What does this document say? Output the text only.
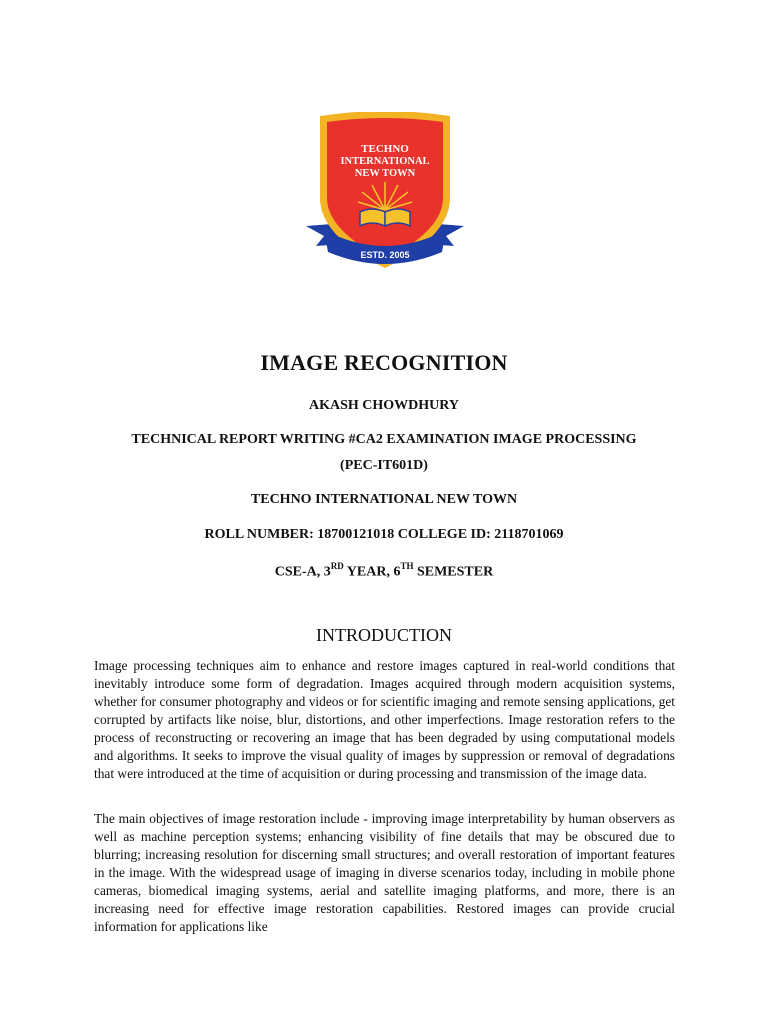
TECHNO
INTERNATIONAL
NEW TOWN
ESTD. 2005
IMAGE RECOGNITION
AKASH CHOWDHURY
TECHNICAL REPORT WRITING #CA2 EXAMINATION IMAGE PROCESSING
(PEC-IT601D)
TECHNO INTERNATIONAL NEW TOWN
ROLL NUMBER: 18700121018 COLLEGE ID: 2118701069
CSE-A, 3RD YEAR, 6TH SEMESTER
INTRODUCTION

Image processing techniques aim to enhance and restore images captured in real-world conditions that inevitably introduce some form of degradation. Images acquired through modern acquisition systems, whether for consumer photography and videos or for scientific imaging and remote sensing applications, get corrupted by artifacts like noise, blur, distortions, and other imperfections. Image restoration refers to the process of reconstructing or recovering an image that has been degraded by using computational models and algorithms. It seeks to improve the visual quality of images by suppression or removal of degradations that were introduced at the time of acquisition or during processing and transmission of the image data.

The main objectives of image restoration include - improving image interpretability by human observers as well as machine perception systems; enhancing visibility of fine details that may be obscured due to blurring; increasing resolution for discerning small structures; and overall restoration of important features in the image. With the widespread usage of imaging in diverse scenarios today, including in mobile phone cameras, biomedical imaging systems, aerial and satellite imaging platforms, and more, there is an increasing need for effective image restoration capabilities. Restored images can provide crucial information for applications like
